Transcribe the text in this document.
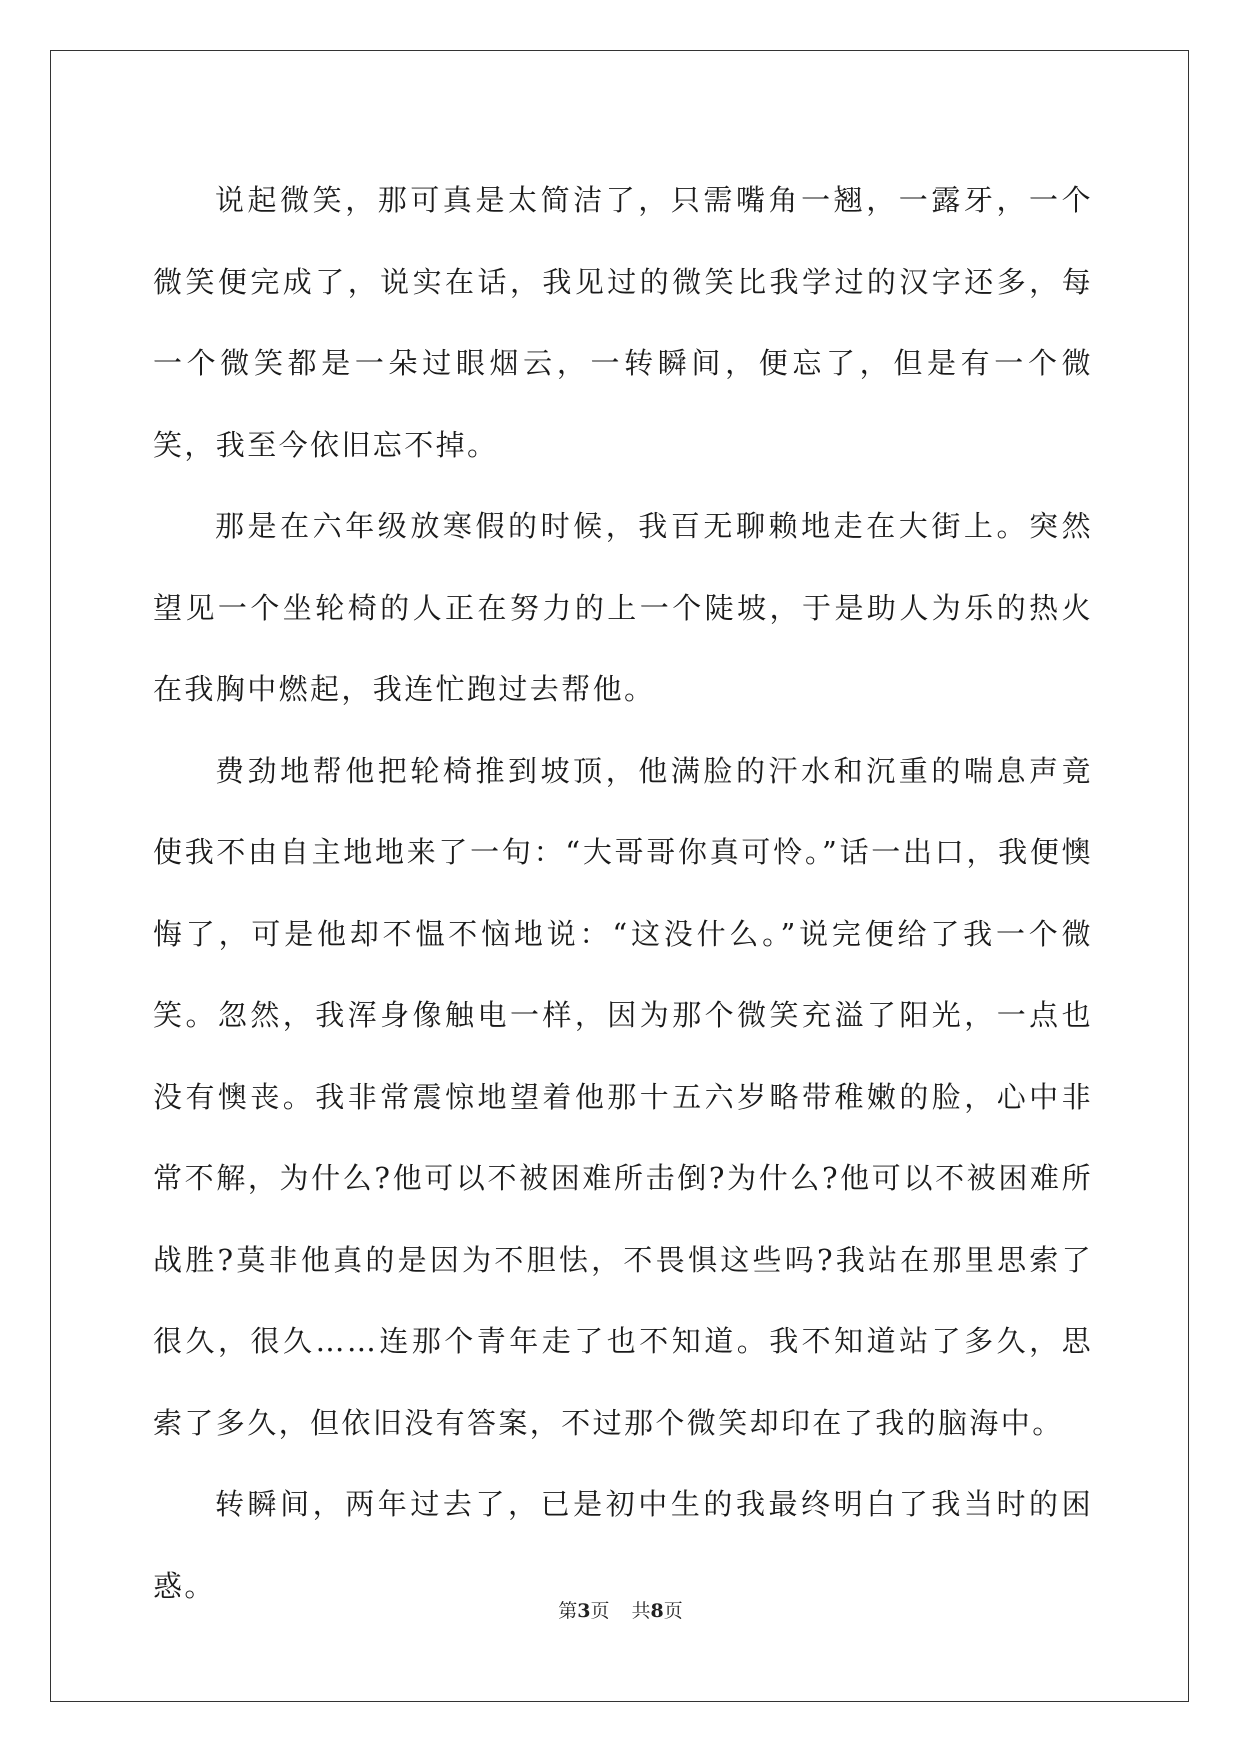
说起微笑，那可真是太简洁了，只需嘴角一翘，一露牙，一个微笑便完成了，说实在话，我见过的微笑比我学过的汉字还多，每一个微笑都是一朵过眼烟云，一转瞬间，便忘了，但是有一个微笑，我至今依旧忘不掉。

那是在六年级放寒假的时候，我百无聊赖地走在大街上。突然望见一个坐轮椅的人正在努力的上一个陡坡，于是助人为乐的热火在我胸中燃起，我连忙跑过去帮他。

费劲地帮他把轮椅推到坡顶，他满脸的汗水和沉重的喘息声竟使我不由自主地地来了一句：“大哥哥你真可怜。”话一出口，我便懊悔了，可是他却不愠不恼地说：“这没什么。”说完便给了我一个微笑。忽然，我浑身像触电一样，因为那个微笑充溢了阳光，一点也没有懊丧。我非常震惊地望着他那十五六岁略带稚嫩的脸，心中非常不解，为什么?他可以不被困难所击倒?为什么?他可以不被困难所战胜?莫非他真的是因为不胆怯，不畏惧这些吗?我站在那里思索了很久，很久……连那个青年走了也不知道。我不知道站了多久，思索了多久，但依旧没有答案，不过那个微笑却印在了我的脑海中。

转瞬间，两年过去了，已是初中生的我最终明白了我当时的困惑。

第3页 共8页
